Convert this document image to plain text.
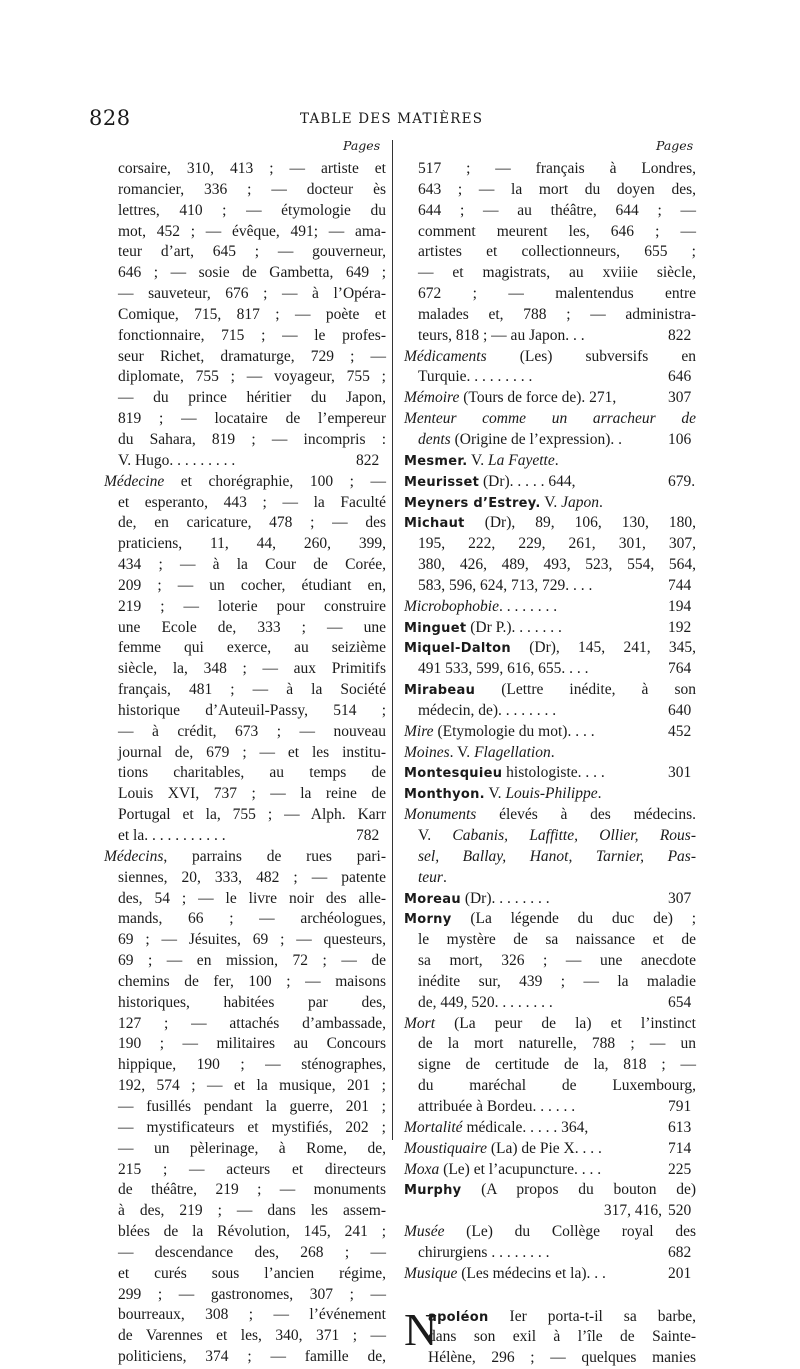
828	TABLE DES MATIÈRES
Pages	Pages
corsaire, 310, 413 ; — artiste et
romancier, 336 ; — docteur ès
lettres, 410 ; — étymologie du
mot, 452 ; — évêque, 491; — ama-
teur d’art, 645 ; — gouverneur,
646 ; — sosie de Gambetta, 649 ;
— sauveteur, 676 ; — à l’Opéra-
Comique, 715, 817 ; — poète et
fonctionnaire, 715 ; — le profes-
seur Richet, dramaturge, 729 ; —
diplomate, 755 ; — voyageur, 755 ;
— du prince héritier du Japon,
819 ; — locataire de l’empereur
du Sahara, 819 ; — incompris :
V. Hugo. . . . . . . . .	822
Médecine et chorégraphie, 100 ; —
et esperanto, 443 ; — la Faculté
de, en caricature, 478 ; — des
praticiens, 11, 44, 260, 399,
434 ; — à la Cour de Corée,
209 ; — un cocher, étudiant en,
219 ; — loterie pour construire
une Ecole de, 333 ; — une
femme qui exerce, au seizième
siècle, la, 348 ; — aux Primitifs
français, 481 ; — à la Société
historique d’Auteuil-Passy, 514 ;
— à crédit, 673 ; — nouveau
journal de, 679 ; — et les institu-
tions charitables, au temps de
Louis XVI, 737 ; — la reine de
Portugal et la, 755 ; — Alph. Karr
et la. . . . . . . . . . .	782
Médecins, parrains de rues pari-
siennes, 20, 333, 482 ; — patente
des, 54 ; — le livre noir des alle-
mands, 66 ; — archéologues,
69 ; — Jésuites, 69 ; — questeurs,
69 ; — en mission, 72 ; — de
chemins de fer, 100 ; — maisons
historiques, habitées par des,
127 ; — attachés d’ambassade,
190 ; — militaires au Concours
hippique, 190 ; — sténographes,
192, 574 ; — et la musique, 201 ;
— fusillés pendant la guerre, 201 ;
— mystificateurs et mystifiés, 202 ;
— un pèlerinage, à Rome, de,
215 ; — acteurs et directeurs
de théâtre, 219 ; — monuments
à des, 219 ; — dans les assem-
blées de la Révolution, 145, 241 ;
— descendance des, 268 ; —
et curés sous l’ancien régime,
299 ; — gastronomes, 307 ; —
bourreaux, 308 ; — l’événement
de Varennes et les, 340, 371 ; —
politiciens, 374 ; — famille de,
517 ; — français à Londres,
643 ; — la mort du doyen des,
644 ; — au théâtre, 644 ; —
comment meurent les, 646 ; —
artistes et collectionneurs, 655 ;
— et magistrats, au xviiie siècle,
672 ; — malentendus entre
malades et, 788 ; — administra-
teurs, 818 ; — au Japon. . .	822
Médicaments (Les) subversifs en
Turquie. . . . . . . . .	646
Mémoire (Tours de force de). 271,	307
Menteur comme un arracheur de
dents (Origine de l’expression). .	106
Mesmer. V. La Fayette.
Meurisset (Dr). . . . . 644,	679.
Meyners d’Estrey. V. Japon.
Michaut (Dr), 89, 106, 130, 180,
195, 222, 229, 261, 301, 307,
380, 426, 489, 493, 523, 554, 564,
583, 596, 624, 713, 729. . . .	744
Microbophobie. . . . . . . .	194
Minguet (Dr P.). . . . . . .	192
Miquel-Dalton (Dr), 145, 241, 345,
491 533, 599, 616, 655. . . .	764
Mirabeau (Lettre inédite, à son
médecin, de). . . . . . . .	640
Mire (Etymologie du mot). . . .	452
Moines. V. Flagellation.
Montesquieu histologiste. . . .	301
Monthyon. V. Louis-Philippe.
Monuments élevés à des médecins.
V. Cabanis, Laffitte, Ollier, Rous-
sel, Ballay, Hanot, Tarnier, Pas-
teur.
Moreau (Dr). . . . . . . .	307
Morny (La légende du duc de) ;
le mystère de sa naissance et de
sa mort, 326 ; — une anecdote
inédite sur, 439 ; — la maladie
de, 449, 520. . . . . . . .	654
Mort (La peur de la) et l’instinct
de la mort naturelle, 788 ; — un
signe de certitude de la, 818 ; —
du maréchal de Luxembourg,
attribuée à Bordeu. . . . . .	791
Mortalité médicale. . . . . 364,	613
Moustiquaire (La) de Pie X. . . .	714
Moxa (Le) et l’acupuncture. . . .	225
Murphy (A propos du bouton de)
317, 416, 520
Musée (Le) du Collège royal des
chirurgiens . . . . . . . .	682
Musique (Les médecins et la). . .	201
apoléon Ier porta-t-il sa barbe,
N
dans son exil à l’île de Sainte-
Hélène, 296 ; — quelques manies
